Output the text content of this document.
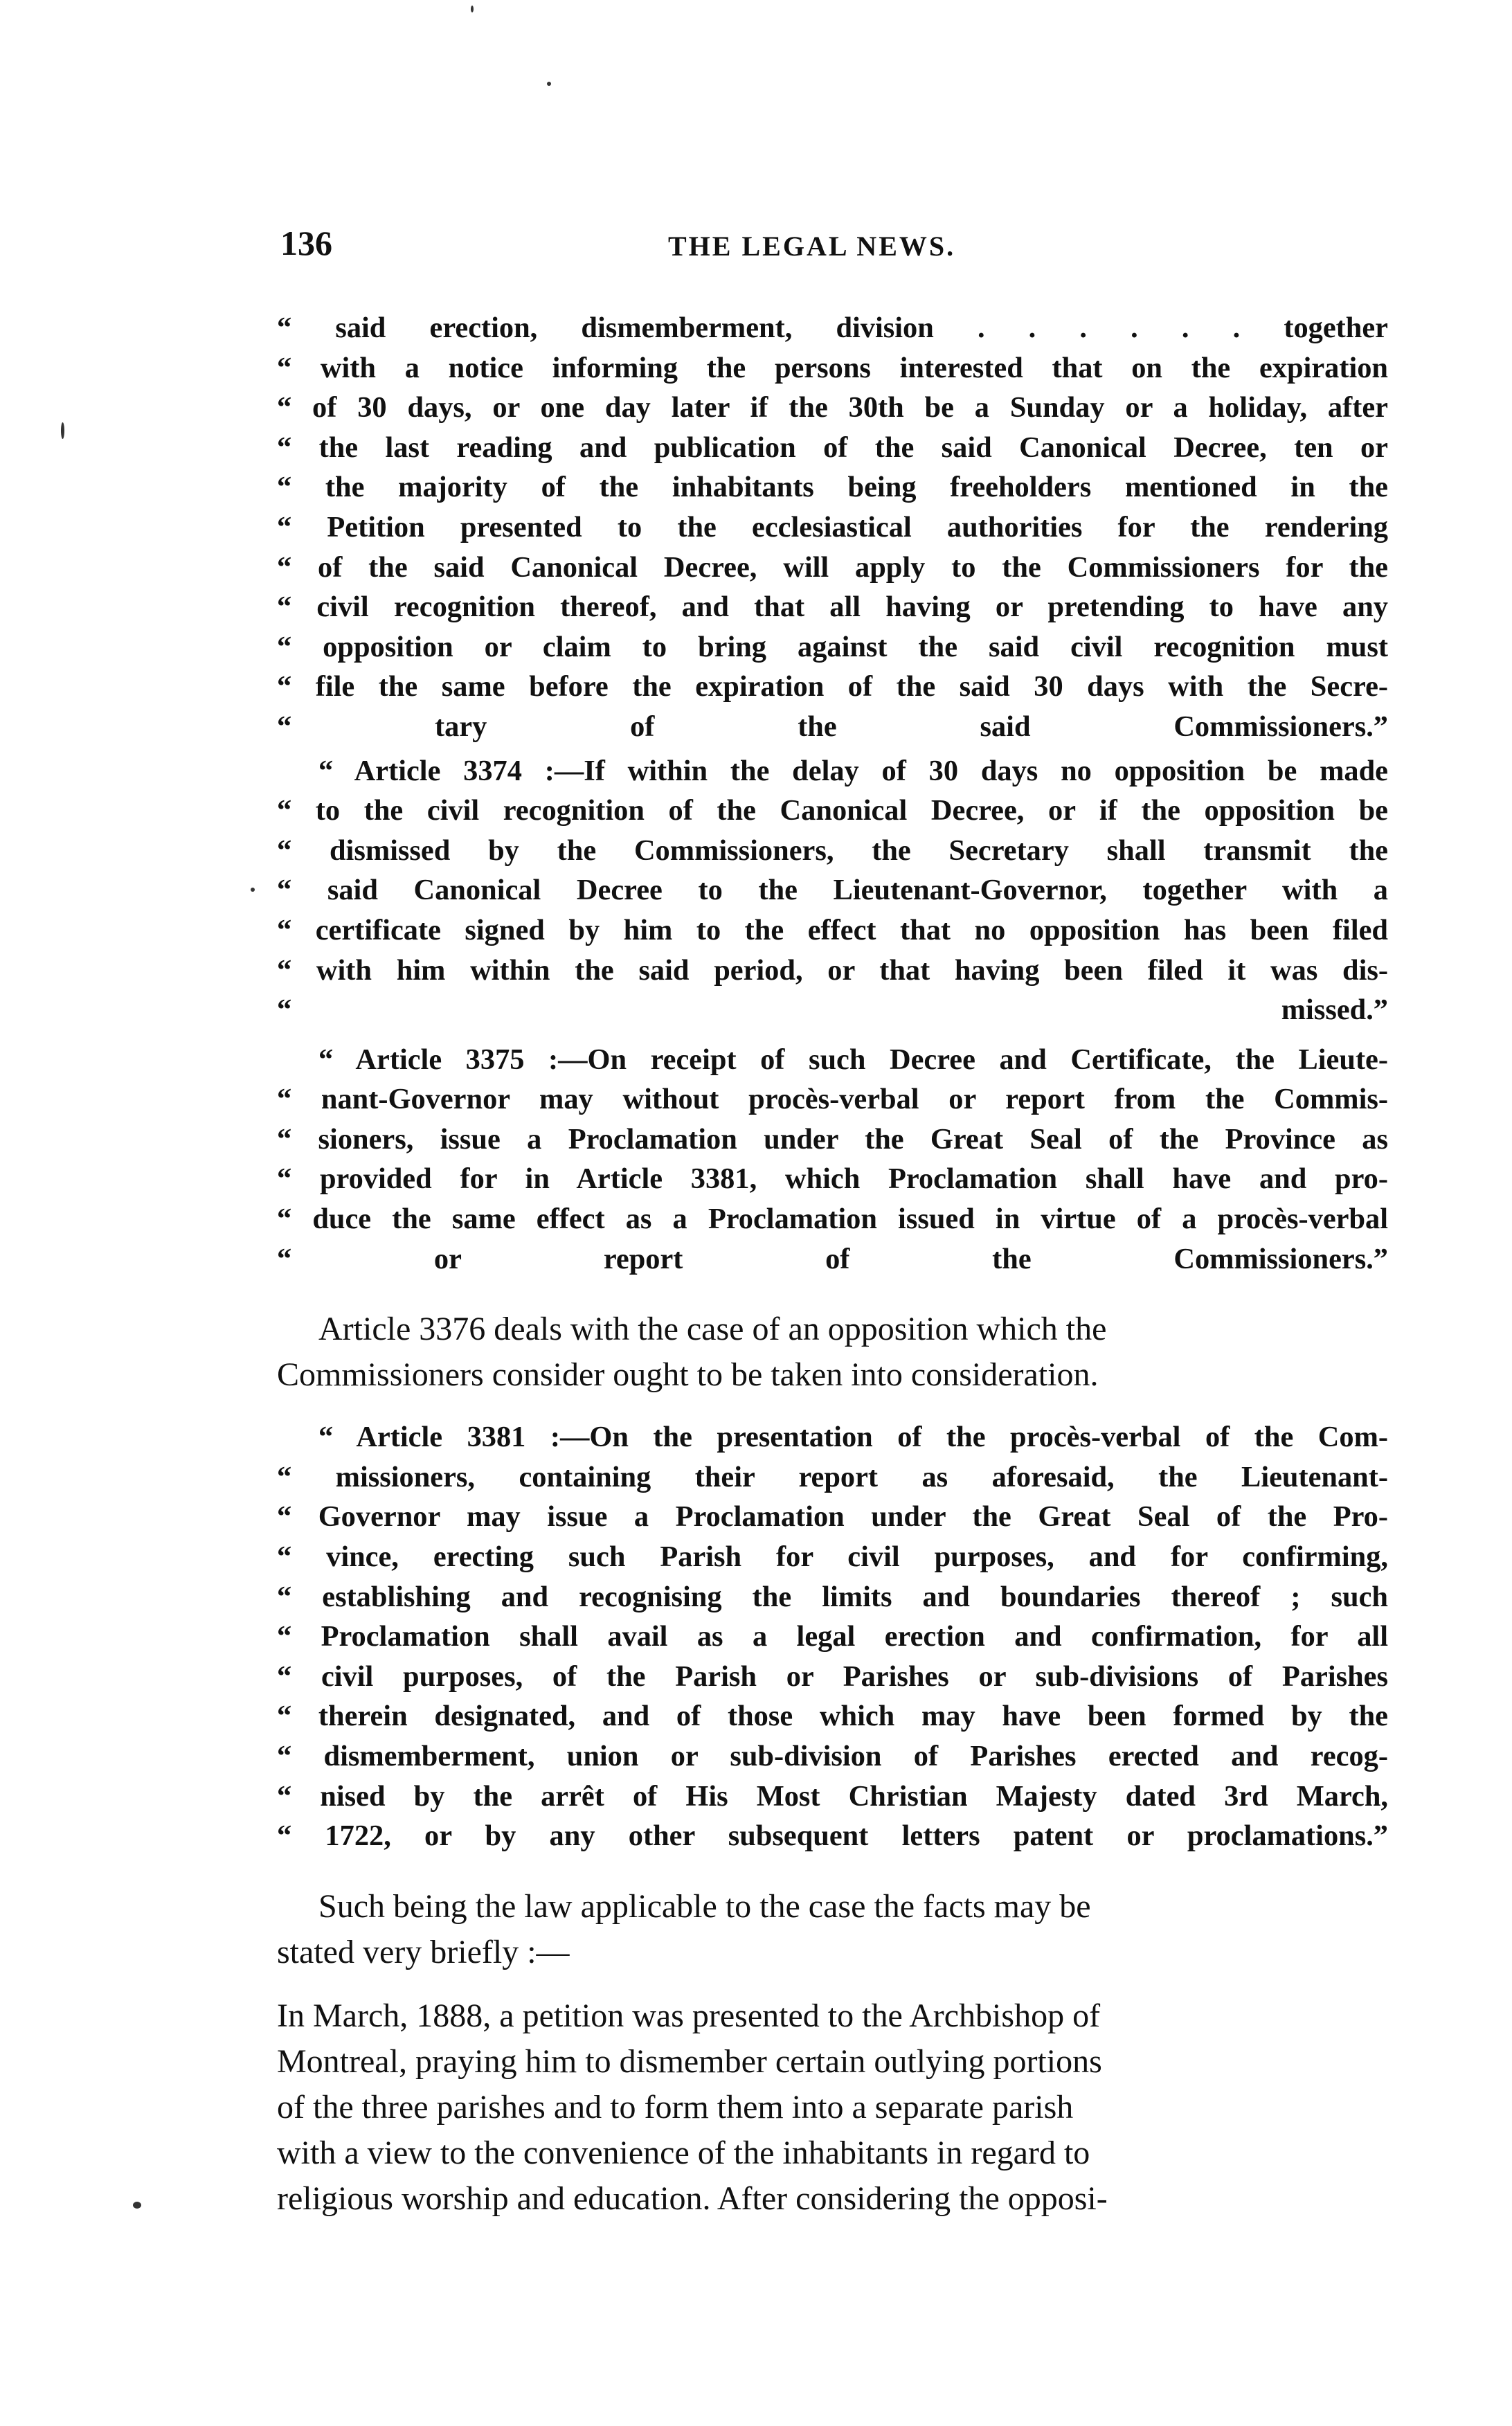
136	THE LEGAL NEWS.
“ said erection, dismemberment, division . . . . . . together
“ with a notice informing the persons interested that on the expiration
“ of 30 days, or one day later if the 30th be a Sunday or a holiday, after
“ the last reading and publication of the said Canonical Decree, ten or
“ the majority of the inhabitants being freeholders mentioned in the
“ Petition presented to the ecclesiastical authorities for the rendering
“ of the said Canonical Decree, will apply to the Commissioners for the
“ civil recognition thereof, and that all having or pretending to have any
“ opposition or claim to bring against the said civil recognition must
“ file the same before the expiration of the said 30 days with the Secre-
“ tary of the said Commissioners.”
“ Article 3374 :—If within the delay of 30 days no opposition be made
“ to the civil recognition of the Canonical Decree, or if the opposition be
“ dismissed by the Commissioners, the Secretary shall transmit the
“ said Canonical Decree to the Lieutenant-Governor, together with a
“ certificate signed by him to the effect that no opposition has been filed
“ with him within the said period, or that having been filed it was dis-
“ missed.”
“ Article 3375 :—On receipt of such Decree and Certificate, the Lieute-
“ nant-Governor may without procès-verbal or report from the Commis-
“ sioners, issue a Proclamation under the Great Seal of the Province as
“ provided for in Article 3381, which Proclamation shall have and pro-
“ duce the same effect as a Proclamation issued in virtue of a procès-verbal
“ or report of the Commissioners.”
Article 3376 deals with the case of an opposition which the
Commissioners consider ought to be taken into consideration.
“ Article 3381 :—On the presentation of the procès-verbal of the Com-
“ missioners, containing their report as aforesaid, the Lieutenant-
“ Governor may issue a Proclamation under the Great Seal of the Pro-
“ vince, erecting such Parish for civil purposes, and for confirming,
“ establishing and recognising the limits and boundaries thereof ; such
“ Proclamation shall avail as a legal erection and confirmation, for all
“ civil purposes, of the Parish or Parishes or sub-divisions of Parishes
“ therein designated, and of those which may have been formed by the
“ dismemberment, union or sub-division of Parishes erected and recog-
“ nised by the arrêt of His Most Christian Majesty dated 3rd March,
“ 1722, or by any other subsequent letters patent or proclamations.”
Such being the law applicable to the case the facts may be
stated very briefly :—
In March, 1888, a petition was presented to the Archbishop of
Montreal, praying him to dismember certain outlying portions
of the three parishes and to form them into a separate parish
with a view to the convenience of the inhabitants in regard to
religious worship and education. After considering the opposi-
